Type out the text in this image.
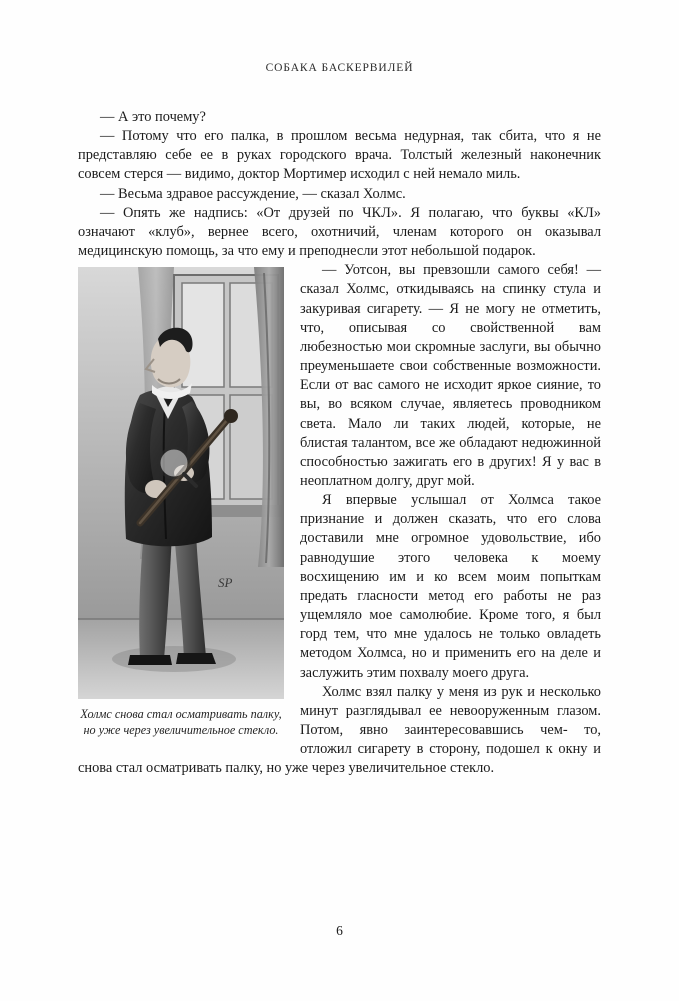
СОБАКА БАСКЕРВИЛЕЙ

— А это почему?

— Потому что его палка, в прошлом весьма недурная, так сбита, что я не представляю себе ее в руках городского врача. Толстый железный наконечник совсем стерся — видимо, доктор Мортимер исходил с ней немало миль.

— Весьма здравое рассуждение, — сказал Холмс.

— Опять же надпись: «От друзей по ЧКЛ». Я полагаю, что буквы «КЛ» означают «клуб», вернее всего, охотничий, членам которого он оказывал медицинскую помощь, за что ему и преподнесли этот небольшой подарок.

SP
Холмс снова стал осматривать палку, но уже через увеличительное стекло.

— Уотсон, вы превзошли самого себя! — сказал Холмс, откидываясь на спинку стула и закуривая сигарету. — Я не могу не отметить, что, описывая со свойственной вам любезностью мои скромные заслуги, вы обычно преуменьшаете свои собственные возможности. Если от вас самого не исходит яркое сияние, то вы, во всяком случае, являетесь проводником света. Мало ли таких людей, которые, не блистая талантом, все же обладают недюжинной способностью зажигать его в других! Я у вас в неоплатном долгу, друг мой.

Я впервые услышал от Холмса такое признание и должен сказать, что его слова доставили мне огромное удовольствие, ибо равнодушие этого человека к моему восхищению им и ко всем моим попыткам предать гласности метод его работы не раз ущемляло мое самолюбие. Кроме того, я был горд тем, что мне удалось не только овладеть методом Холмса, но и применить его на деле и заслужить этим похвалу моего друга.

Холмс взял палку у меня из рук и несколько минут разглядывал ее невооруженным глазом. Потом, явно заинтересовавшись чем- то, отложил сигарету в сторону, подошел к окну и снова стал осматривать палку, но уже через увеличительное стекло.

6
